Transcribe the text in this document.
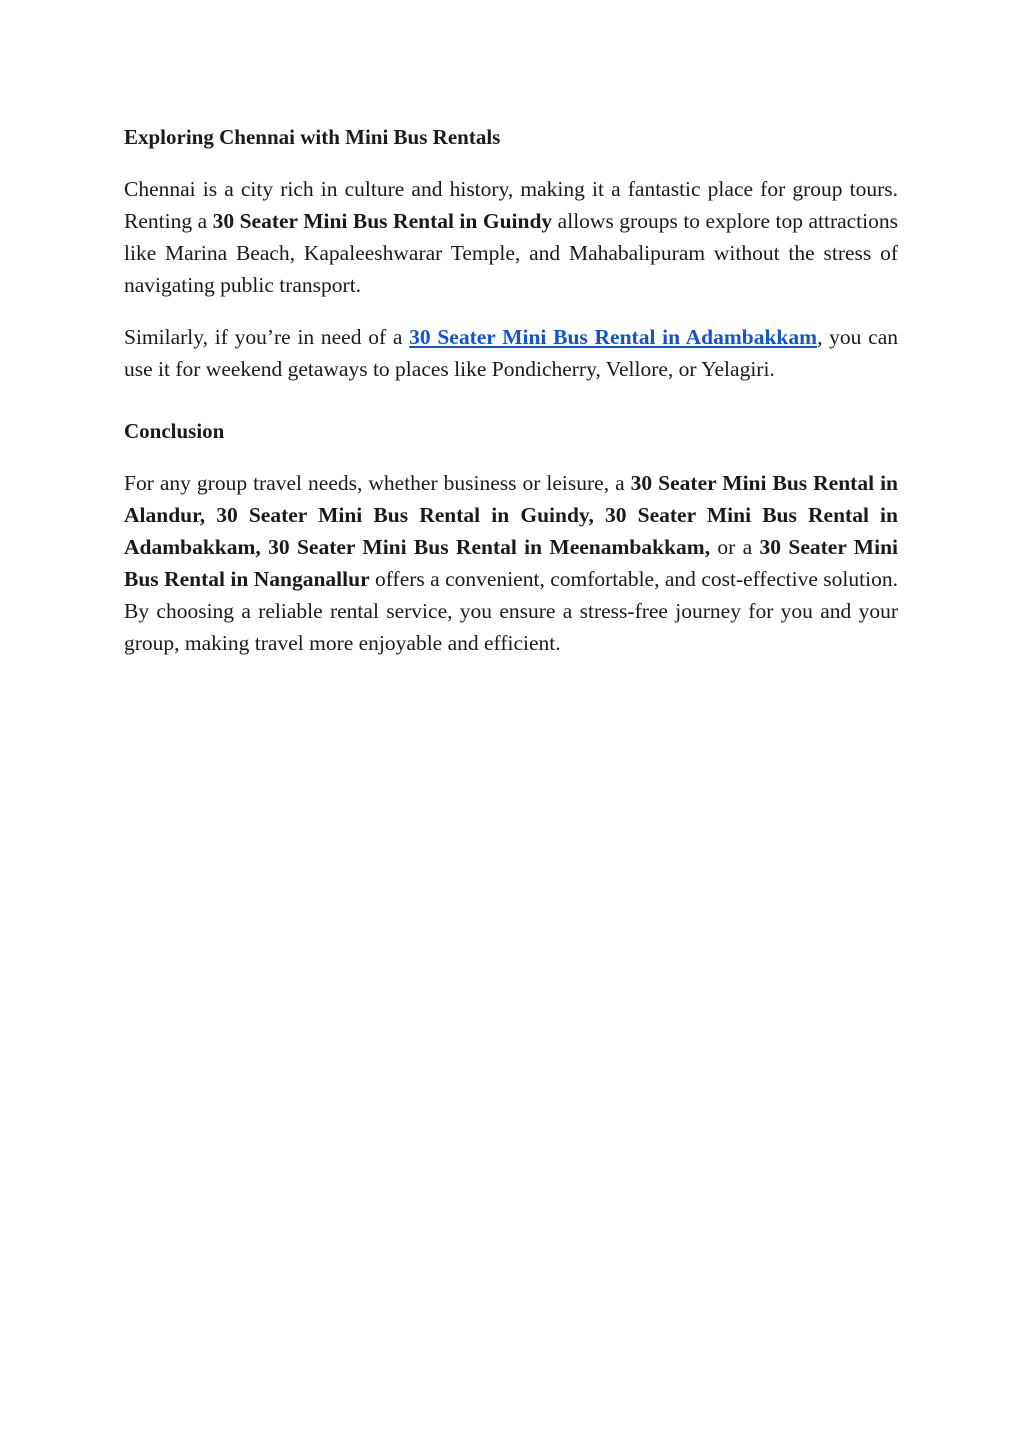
Exploring Chennai with Mini Bus Rentals

Chennai is a city rich in culture and history, making it a fantastic place for group tours. Renting a 30 Seater Mini Bus Rental in Guindy allows groups to explore top attractions like Marina Beach, Kapaleeshwarar Temple, and Mahabalipuram without the stress of navigating public transport.

Similarly, if you’re in need of a 30 Seater Mini Bus Rental in Adambakkam, you can use it for weekend getaways to places like Pondicherry, Vellore, or Yelagiri.

Conclusion

For any group travel needs, whether business or leisure, a 30 Seater Mini Bus Rental in Alandur, 30 Seater Mini Bus Rental in Guindy, 30 Seater Mini Bus Rental in Adambakkam, 30 Seater Mini Bus Rental in Meenambakkam, or a 30 Seater Mini Bus Rental in Nanganallur offers a convenient, comfortable, and cost-effective solution. By choosing a reliable rental service, you ensure a stress-free journey for you and your group, making travel more enjoyable and efficient.
